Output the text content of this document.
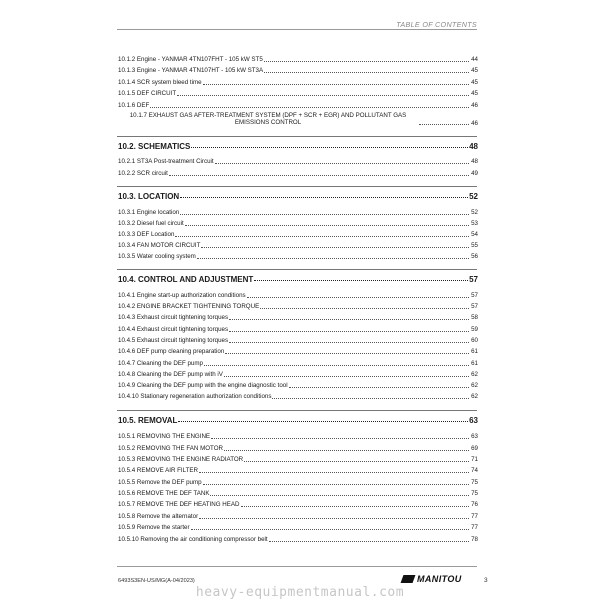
TABLE OF CONTENTS
10.1.2 Engine - YANMAR 4TN107FHT - 105 kW ST5	44
10.1.3 Engine - YANMAR 4TN107HT - 105 kW ST3A	45
10.1.4 SCR system bleed time	45
10.1.5 DEF CIRCUIT	45
10.1.6 DEF	46
10.1.7 EXHAUST GAS AFTER-TREATMENT SYSTEM (DPF + SCR + EGR) AND POLLUTANT GAS EMISSIONS CONTROL	46
10.2. SCHEMATICS	48
10.2.1 ST3A Post-treatment Circuit	48
10.2.2 SCR circuit	49
10.3. LOCATION	52
10.3.1 Engine location	52
10.3.2 Diesel fuel circuit	53
10.3.3 DEF Location	54
10.3.4 FAN MOTOR CIRCUIT	55
10.3.5 Water cooling system	56
10.4. CONTROL AND ADJUSTMENT	57
10.4.1 Engine start-up authorization conditions	57
10.4.2 ENGINE BRACKET TIGHTENING TORQUE	57
10.4.3 Exhaust circuit tightening torques	58
10.4.4 Exhaust circuit tightening torques	59
10.4.5 Exhaust circuit tightening torques	60
10.4.6 DEF pump cleaning preparation	61
10.4.7 Cleaning the DEF pump	61
10.4.8 Cleaning the DEF pump with iV	62
10.4.9 Cleaning the DEF pump with the engine diagnostic tool	62
10.4.10 Stationary regeneration authorization conditions	62
10.5. REMOVAL	63
10.5.1 REMOVING THE ENGINE	63
10.5.2 REMOVING THE FAN MOTOR	69
10.5.3 REMOVING THE ENGINE RADIATOR	71
10.5.4 REMOVE AIR FILTER	74
10.5.5 Remove the DEF pump	75
10.5.6 REMOVE THE DEF TANK	75
10.5.7 REMOVE THE DEF HEATING HEAD	76
10.5.8 Remove the alternator	77
10.5.9 Remove the starter	77
10.5.10 Removing the air conditioning compressor belt	78
6493S3EN-US/MG(A-04/2023)	MANITOU	3
heavy-equipmentmanual.com
